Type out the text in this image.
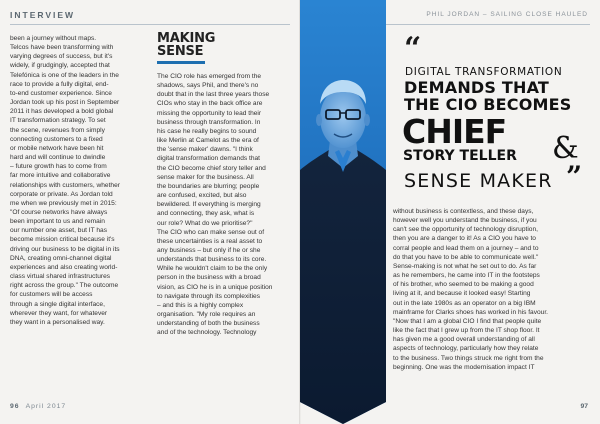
INTERVIEW	PHIL JORDAN – SAILING CLOSE HAULED

been a journey without maps.

Telcos have been transforming with

varying degrees of success, but it's

widely, if grudgingly, accepted that

Telefónica is one of the leaders in the

race to provide a fully digital, end-

to-end customer experience. Since

Jordan took up his post in September

2011 it has developed a bold global

IT transformation strategy. To set

the scene, revenues from simply

connecting customers to a fixed

or mobile network have been hit

hard and will continue to dwindle

– future growth has to come from

far more intuitive and collaborative

relationships with customers, whether

corporate or private. As Jordan told

me when we previously met in 2015:

"Of course networks have always

been important to us and remain

our number one asset, but IT has

become mission critical because it's

driving our business to be digital in its

DNA, creating omni-channel digital

experiences and also creating world-

class virtual shared infrastructures

right across the group." The outcome

for customers will be access

through a single digital interface,

wherever they want, for whatever

they want in a personalised way.

MAKING
SENSE

The CIO role has emerged from the

shadows, says Phil, and there's no

doubt that in the last three years those

CIOs who stay in the back office are

missing the opportunity to lead their

business through transformation. In

his case he really begins to sound

like Merlin at Camelot as the era of

the 'sense maker' dawns. "I think

digital transformation demands that

the CIO become chief story teller and

sense maker for the business. All

the boundaries are blurring; people

are confused, excited, but also

bewildered. If everything is merging

and connecting, they ask, what is

our role? What do we prioritise?"

The CIO who can make sense out of

these uncertainties is a real asset to

any business – but only if he or she

understands that business to its core.

While he wouldn't claim to be the only

person in the business with a broad

vision, as CIO he is in a unique position

to navigate through its complexities

– and this is a highly complex

organisation. "My role requires an

understanding of both the business

and of the technology. Technology

“
DIGITAL TRANSFORMATION
DEMANDS THAT
THE CIO BECOMES
CHIEF
STORY TELLER &
SENSE MAKER ”

without business is contextless, and these days,

however well you understand the business, if you

can't see the opportunity of technology disruption,

then you are a danger to it! As a CIO you have to

corral people and lead them on a journey – and to

do that you have to be able to communicate well."

Sense-making is not what he set out to do. As far

as he remembers, he came into IT in the footsteps

of his brother, who seemed to be making a good

living at it, and because it looked easy! Starting

out in the late 1980s as an operator on a big IBM

mainframe for Clarks shoes has worked in his favour.

"Now that I am a global CIO I find that people quite

like the fact that I grew up from the IT shop floor. It

has given me a good overall understanding of all

aspects of technology, particularly how they relate

to the business. Two things struck me right from the

beginning. One was the modernisation impact IT

96 April 2017	97
